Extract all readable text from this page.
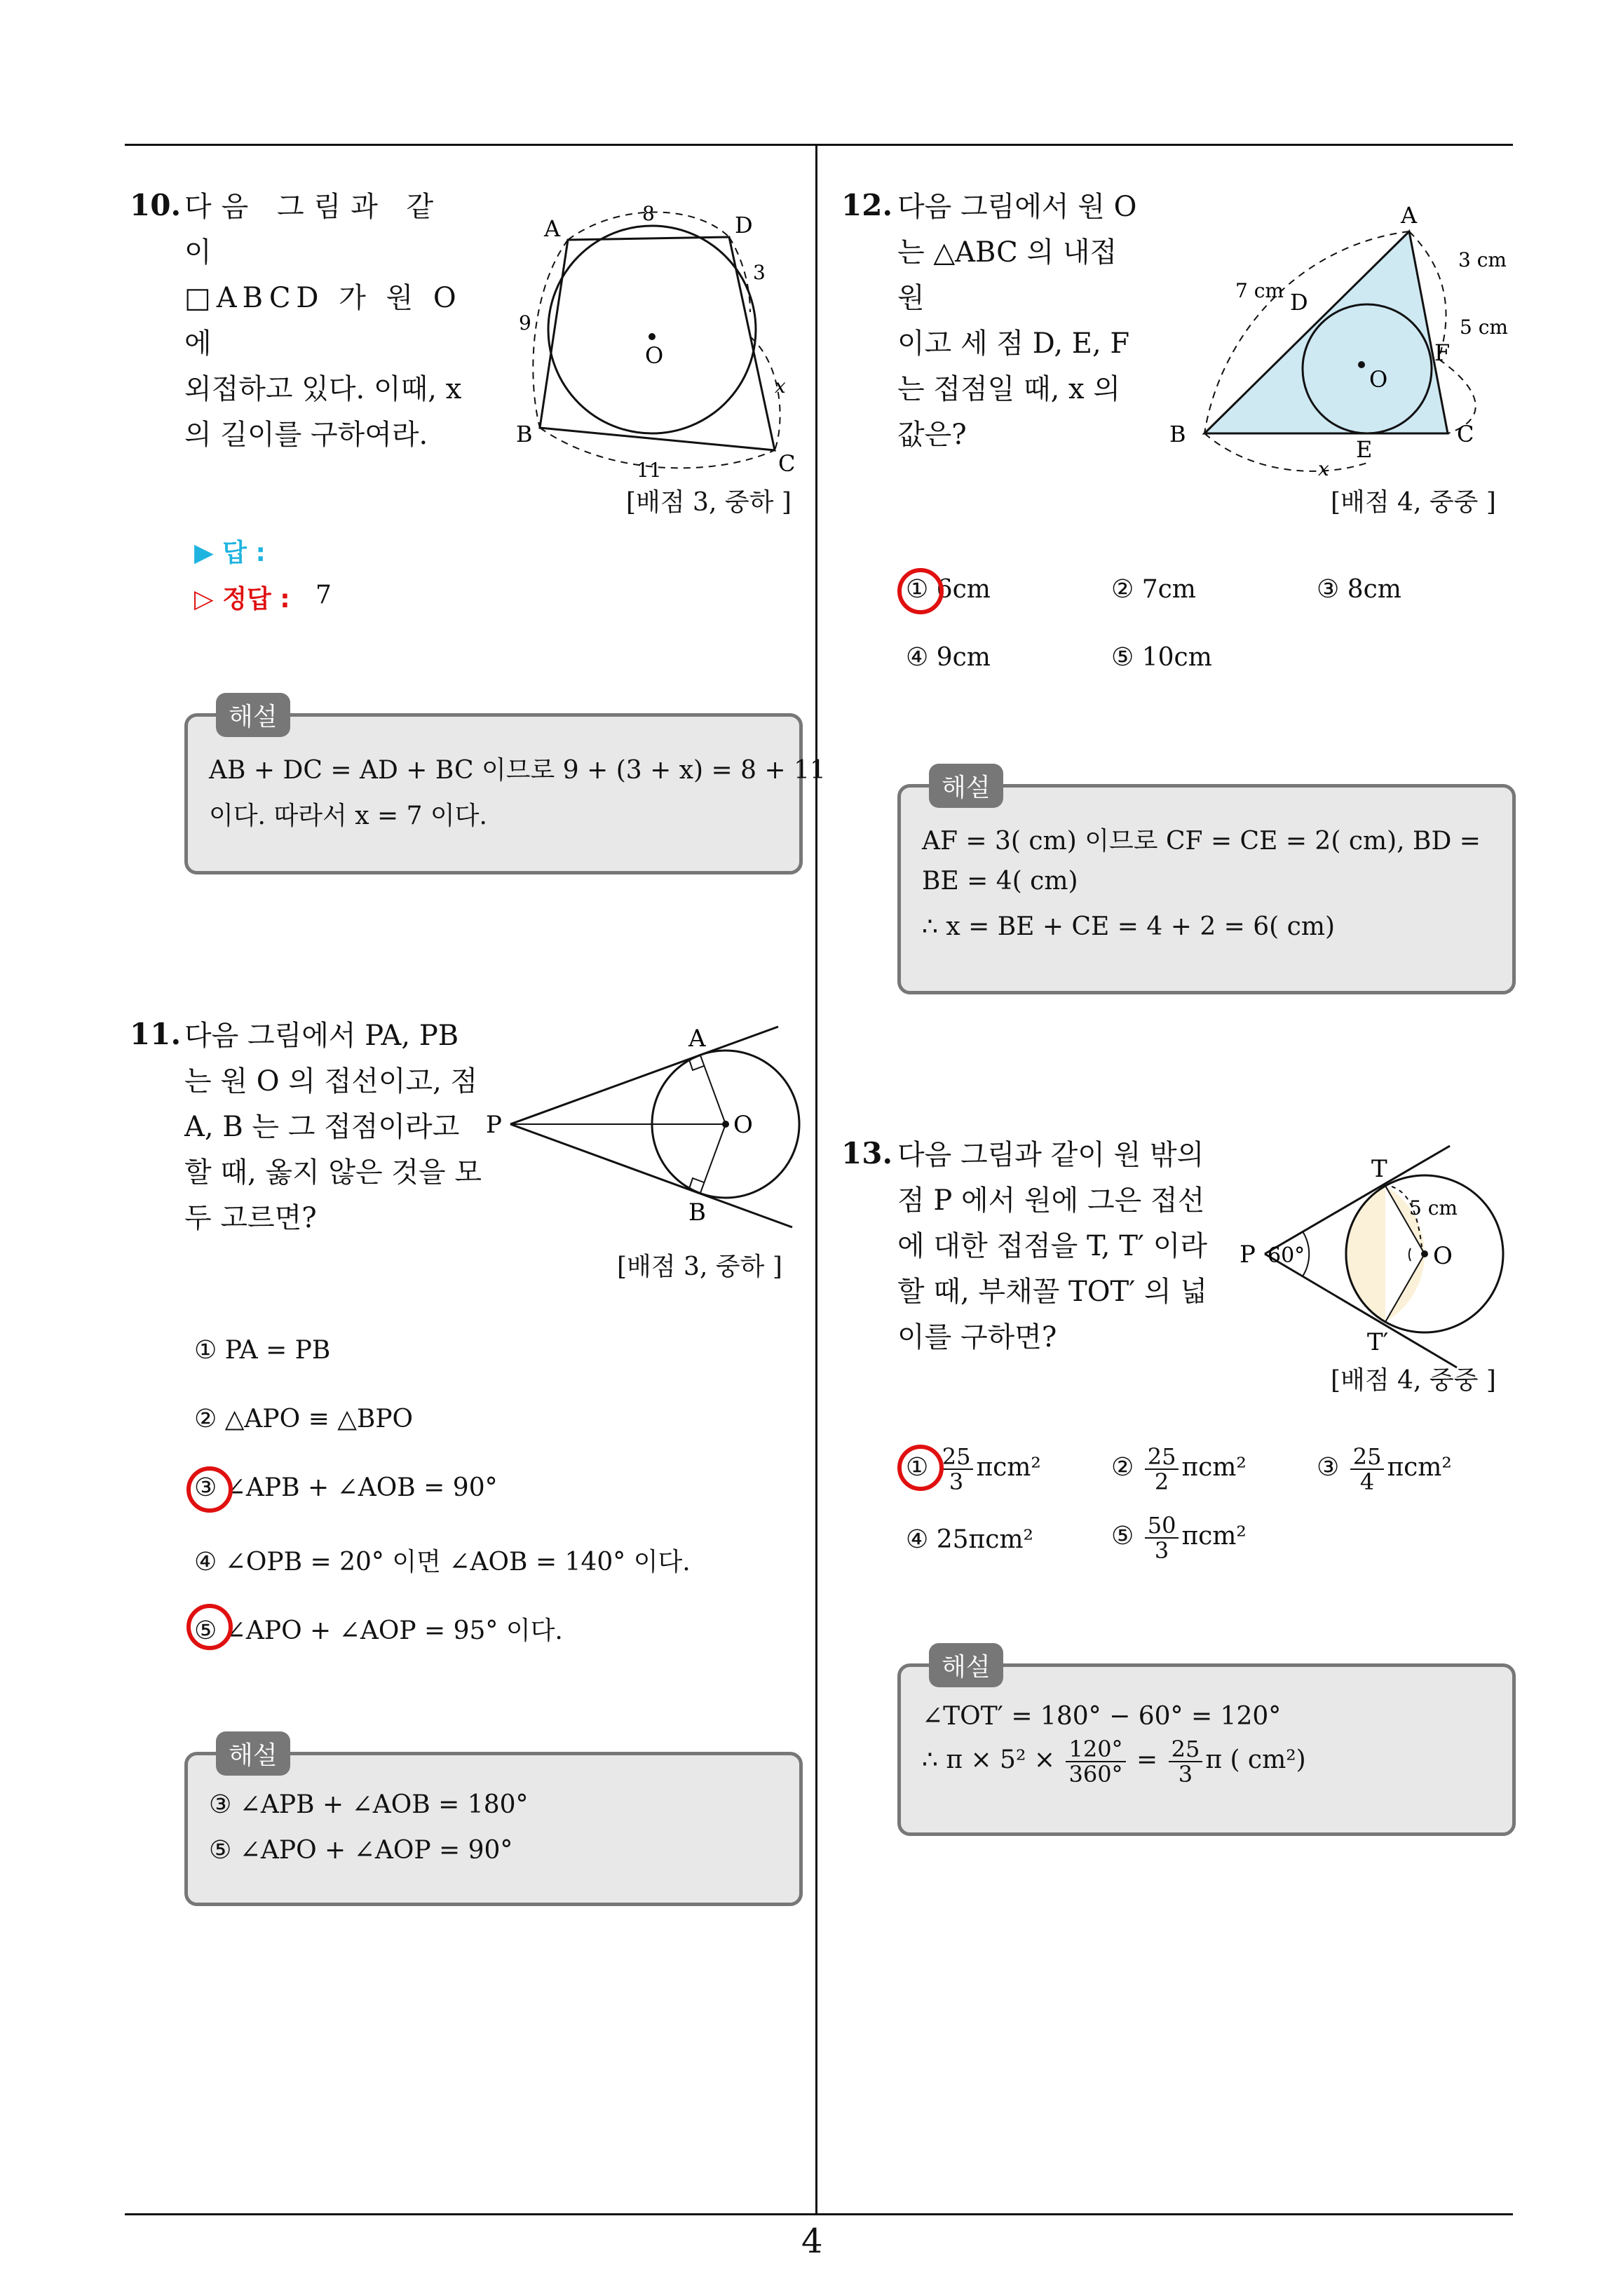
4
10. 다음 그림과 같이
□ABCD 가 원 O 에
외접하고 있다. 이때, x
의 길이를 구하여라.
O
A	D
B
C
8
3
9
x
11
[배점 3, 중하 ]
▶ 답 :
▷ 정답 : 7
해설
AB + DC = AD + BC 이므로 9 + (3 + x) = 8 + 11
이다. 따라서 x = 7 이다.
11. 다음 그림에서 PA, PB
는 원 O 의 접선이고, 점
A, B 는 그 접점이라고
할 때, 옳지 않은 것을 모
두 고르면?
P	O
A
B
[배점 3, 중하 ]
① PA = PB
② △APO ≡ △BPO
③ ∠APB + ∠AOB = 90°
④ ∠OPB = 20° 이면 ∠AOB = 140° 이다.
⑤ ∠APO + ∠AOP = 95° 이다.
해설
③ ∠APB + ∠AOB = 180°
⑤ ∠APO + ∠AOP = 90°
12. 다음 그림에서 원 O
는 △ABC 의 내접원
이고 세 점 D, E, F
는 접점일 때, x 의
값은?
O
A
B	C
D
E
F
7 cm
3 cm
5 cm
x
[배점 4, 중중 ]
① 6cm	② 7cm	③ 8cm
④ 9cm	⑤ 10cm
해설
AF = 3( cm) 이므로 CF = CE = 2( cm), BD =
BE = 4( cm)
∴ x = BE + CE = 4 + 2 = 6( cm)
13. 다음 그림과 같이 원 밖의
점 P 에서 원에 그은 접선
에 대한 접점을 T, T′ 이라
할 때, 부채꼴 TOT′ 의 넓
이를 구하면?
P	O
T
T′
60°
5 cm
[배점 4, 중중 ]
① $\frac{25}{3} \pi cm^2$	② $\frac{25}{2} \pi cm^2$	③ $\frac{25}{4} \pi cm^2$
④ 25πcm²	⑤ $\frac{50}{3} \pi cm^2$
해설
∠TOT′ = 180° − 60° = 120°
∴ $\pi \times 5^2 \times \frac{120^\circ}{360^\circ} = \frac{25}{3}$ π ( cm²)
